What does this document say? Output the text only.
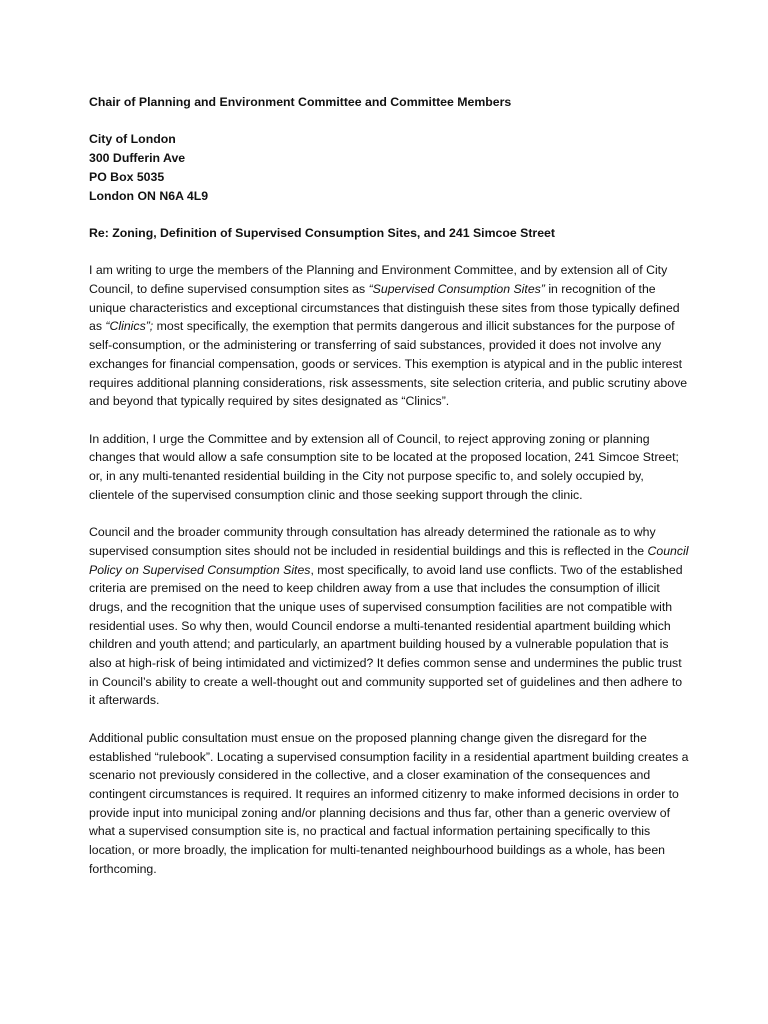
Chair of Planning and Environment Committee and Committee Members

City of London
300 Dufferin Ave
PO Box 5035
London ON N6A 4L9

Re: Zoning, Definition of Supervised Consumption Sites, and 241 Simcoe Street

I am writing to urge the members of the Planning and Environment Committee, and by extension all of City Council, to define supervised consumption sites as “Supervised Consumption Sites” in recognition of the unique characteristics and exceptional circumstances that distinguish these sites from those typically defined as “Clinics”; most specifically, the exemption that permits dangerous and illicit substances for the purpose of self-consumption, or the administering or transferring of said substances, provided it does not involve any exchanges for financial compensation, goods or services. This exemption is atypical and in the public interest requires additional planning considerations, risk assessments, site selection criteria, and public scrutiny above and beyond that typically required by sites designated as “Clinics”.

In addition, I urge the Committee and by extension all of Council, to reject approving zoning or planning changes that would allow a safe consumption site to be located at the proposed location, 241 Simcoe Street; or, in any multi-tenanted residential building in the City not purpose specific to, and solely occupied by, clientele of the supervised consumption clinic and those seeking support through the clinic.

Council and the broader community through consultation has already determined the rationale as to why supervised consumption sites should not be included in residential buildings and this is reflected in the Council Policy on Supervised Consumption Sites, most specifically, to avoid land use conflicts. Two of the established criteria are premised on the need to keep children away from a use that includes the consumption of illicit drugs, and the recognition that the unique uses of supervised consumption facilities are not compatible with residential uses. So why then, would Council endorse a multi-tenanted residential apartment building which children and youth attend; and particularly, an apartment building housed by a vulnerable population that is also at high-risk of being intimidated and victimized? It defies common sense and undermines the public trust in Council’s ability to create a well-thought out and community supported set of guidelines and then adhere to it afterwards.

Additional public consultation must ensue on the proposed planning change given the disregard for the established “rulebook”. Locating a supervised consumption facility in a residential apartment building creates a scenario not previously considered in the collective, and a closer examination of the consequences and contingent circumstances is required. It requires an informed citizenry to make informed decisions in order to provide input into municipal zoning and/or planning decisions and thus far, other than a generic overview of what a supervised consumption site is, no practical and factual information pertaining specifically to this location, or more broadly, the implication for multi-tenanted neighbourhood buildings as a whole, has been forthcoming.
